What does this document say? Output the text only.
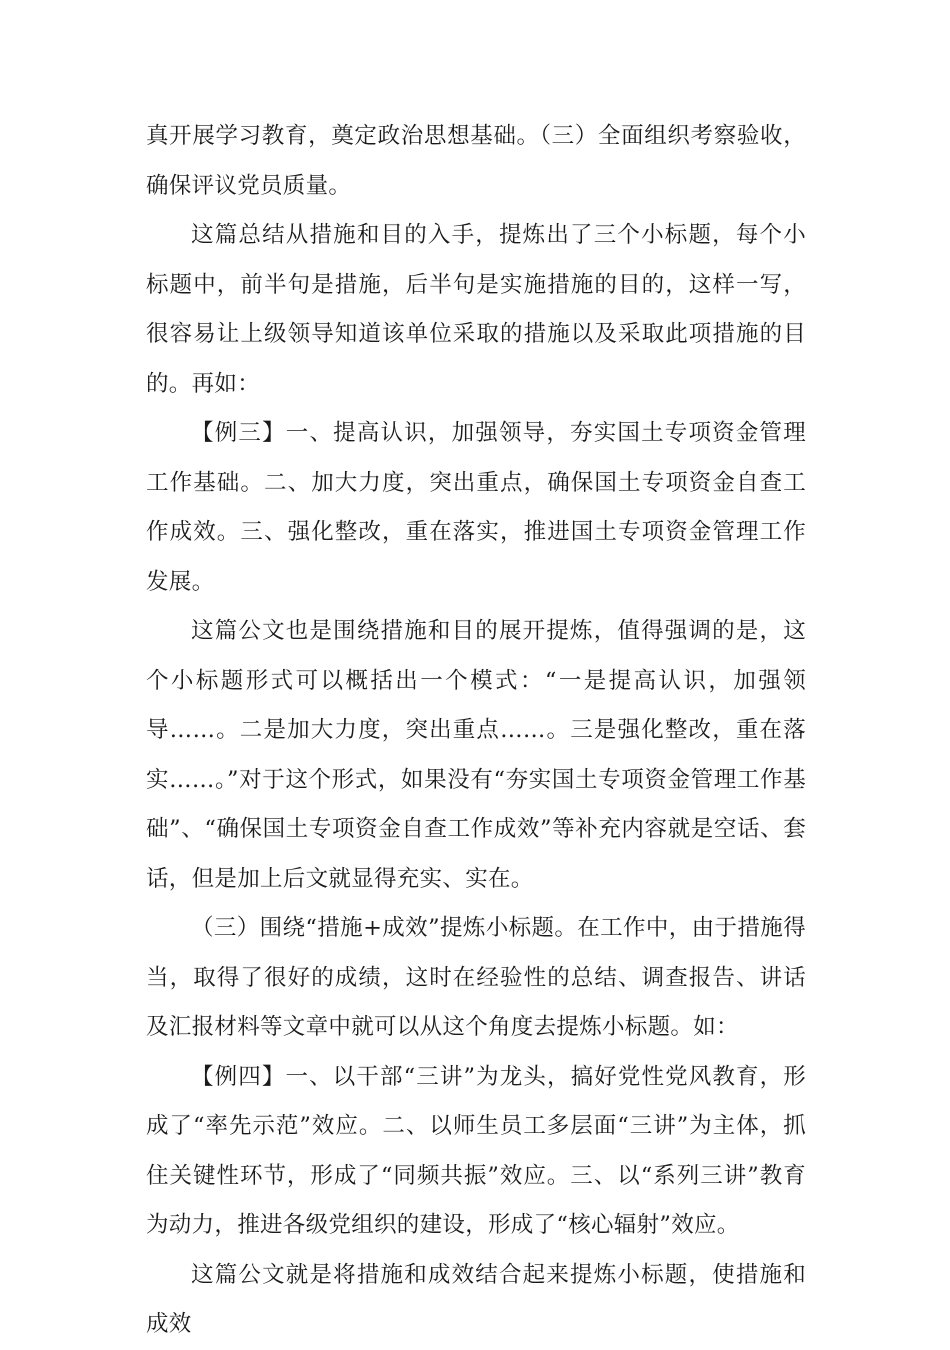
真开展学习教育，奠定政治思想基础。（三）全面组织考察验收，确保评议党员质量。

这篇总结从措施和目的入手，提炼出了三个小标题，每个小标题中，前半句是措施，后半句是实施措施的目的，这样一写，很容易让上级领导知道该单位采取的措施以及采取此项措施的目的。再如：

【例三】一、提高认识，加强领导，夯实国土专项资金管理工作基础。二、加大力度，突出重点，确保国土专项资金自查工作成效。三、强化整改，重在落实，推进国土专项资金管理工作发展。

这篇公文也是围绕措施和目的展开提炼，值得强调的是，这个小标题形式可以概括出一个模式：“一是提高认识，加强领导……。二是加大力度，突出重点……。三是强化整改，重在落实……。”对于这个形式，如果没有“夯实国土专项资金管理工作基础”、“确保国土专项资金自查工作成效”等补充内容就是空话、套话，但是加上后文就显得充实、实在。

（三）围绕“措施+成效”提炼小标题。在工作中，由于措施得当，取得了很好的成绩，这时在经验性的总结、调查报告、讲话及汇报材料等文章中就可以从这个角度去提炼小标题。如：

【例四】一、以干部“三讲”为龙头，搞好党性党风教育，形成了“率先示范”效应。二、以师生员工多层面“三讲”为主体，抓住关键性环节，形成了“同频共振”效应。三、以“系列三讲”教育为动力，推进各级党组织的建设，形成了“核心辐射”效应。

这篇公文就是将措施和成效结合起来提炼小标题，使措施和成效
